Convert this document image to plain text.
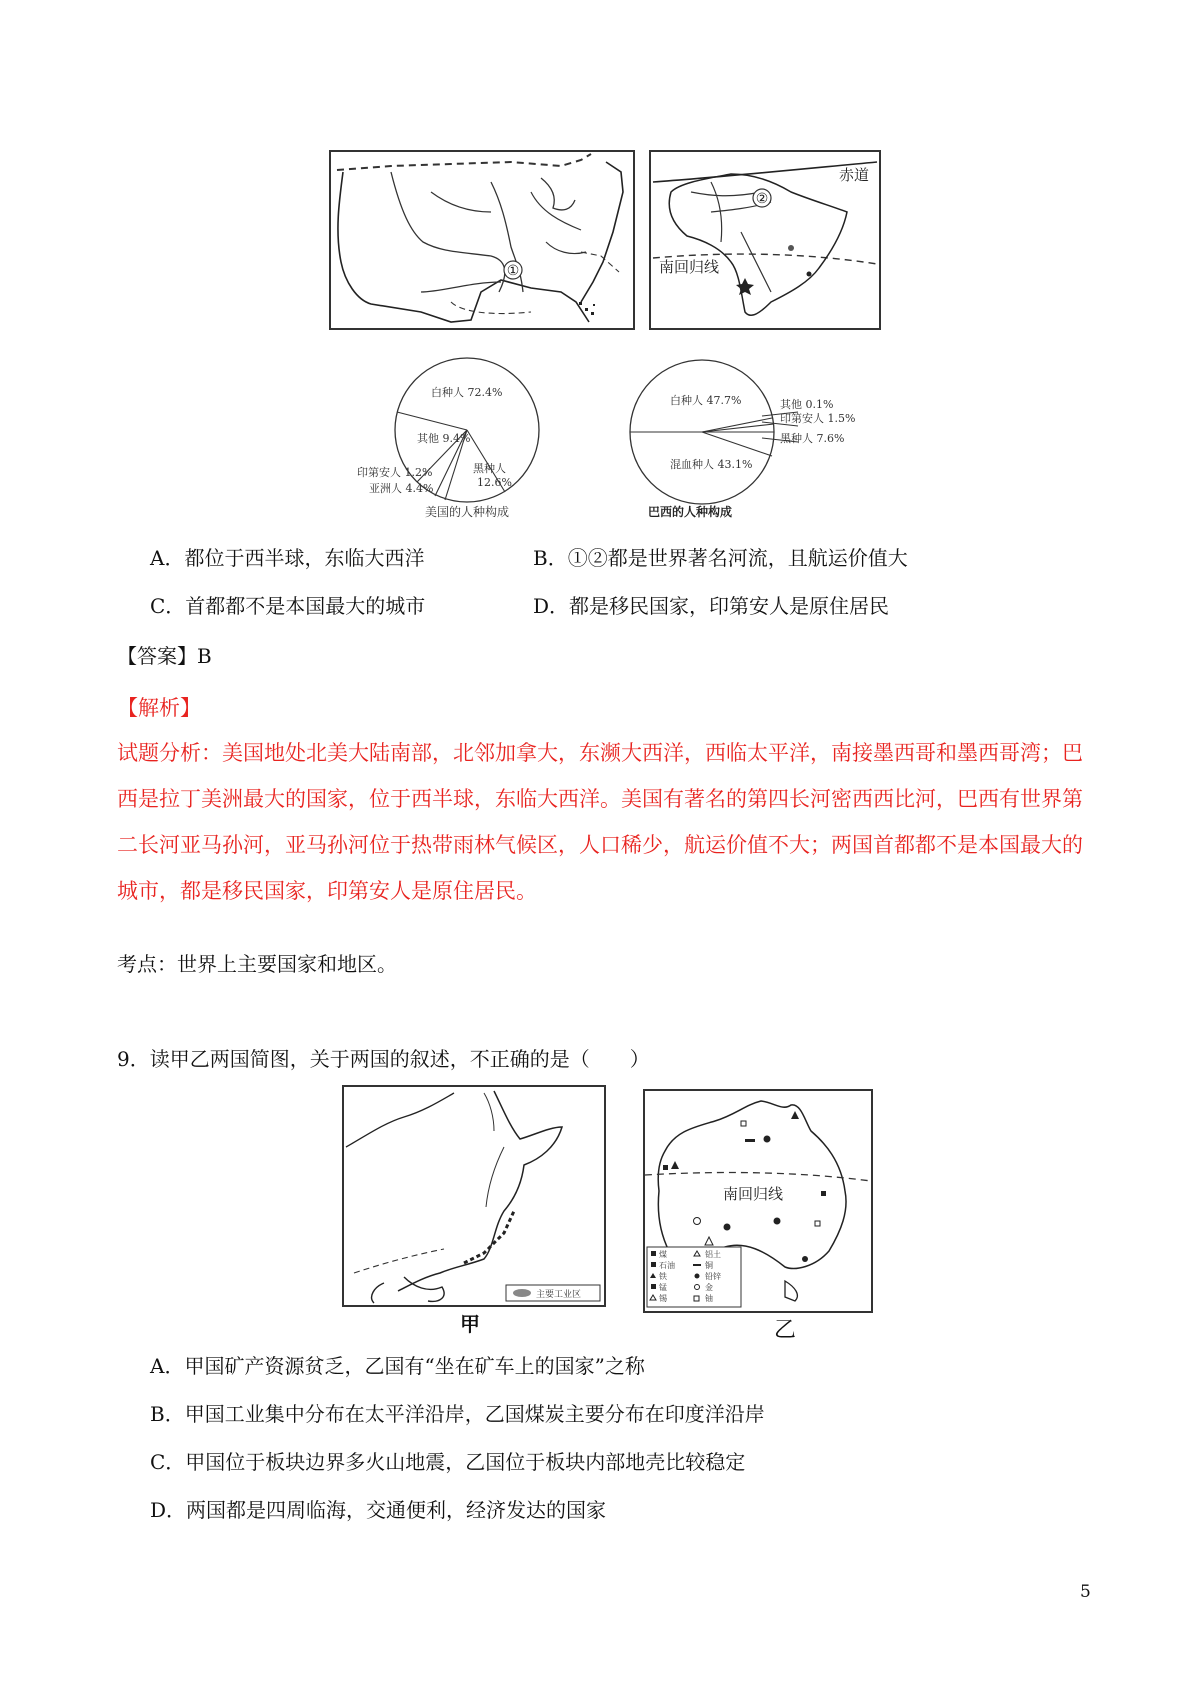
①
赤道
南回归线
②
白种人 72.4%
其他 9.4%
印第安人 1.2%
亚洲人 4.4%
黑种人
12.6%
美国的人种构成
白种人 47.7%	其他 0.1%
印第安人 1.5%
黑种人 7.6%
混血种人 43.1%
巴西的人种构成
A．都位于西半球，东临大西洋	B．①②都是世界著名河流，且航运价值大
C．首都都不是本国最大的城市	D．都是移民国家，印第安人是原住居民
【答案】B
【解析】
试题分析：美国地处北美大陆南部，北邻加拿大，东濒大西洋，西临太平洋，南接墨西哥和墨西哥湾；巴
西是拉丁美洲最大的国家，位于西半球，东临大西洋。美国有著名的第四长河密西西比河，巴西有世界第
二长河亚马孙河，亚马孙河位于热带雨林气候区，人口稀少，航运价值不大；两国首都都不是本国最大的
城市，都是移民国家，印第安人是原住居民。
考点：世界上主要国家和地区。
9．读甲乙两国简图，关于两国的叙述，不正确的是（　　）
主要工业区
甲
南回归线
煤
石油
铁
锰
锡
铝土
铜
铅锌
金
铀
乙
A．甲国矿产资源贫乏，乙国有“坐在矿车上的国家”之称
B．甲国工业集中分布在太平洋沿岸，乙国煤炭主要分布在印度洋沿岸
C．甲国位于板块边界多火山地震，乙国位于板块内部地壳比较稳定
D．两国都是四周临海，交通便利，经济发达的国家
5
